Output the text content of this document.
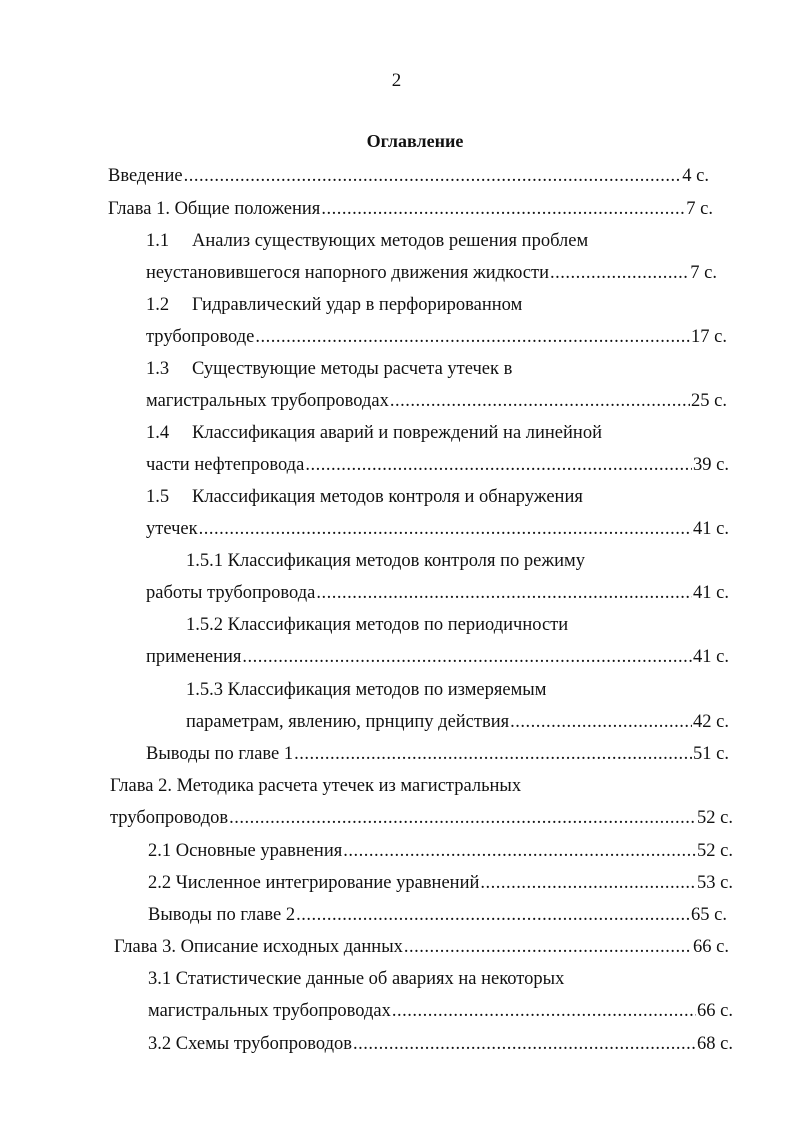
2
Оглавление
Введение .....	4 с.
Глава 1. Общие положения .....	7 с.
1.1 Анализ существующих методов решения проблем
неустановившегося напорного движения жидкости .....	7 с.
1.2 Гидравлический удар в перфорированном
трубопроводе .....	17 с.
1.3 Существующие методы расчета утечек в
магистральных трубопроводах .....	25 с.
1.4 Классификация аварий и повреждений на линейной
части нефтепровода .....	39 с.
1.5 Классификация методов контроля и обнаружения
утечек .....	41 с.
1.5.1 Классификация методов контроля по режиму
работы трубопровода .....	41 с.
1.5.2 Классификация методов по периодичности
применения .....	41 с.
1.5.3 Классификация методов по измеряемым
параметрам, явлению, прнципу действия .....	42 с.
Выводы по главе 1 .....	51 с.
Глава 2. Методика расчета утечек из магистральных
трубопроводов .....	52 с.
2.1 Основные уравнения .....	52 с.
2.2 Численное интегрирование уравнений .....	53 с.
Выводы по главе 2 .....	65 с.
Глава 3. Описание исходных данных .....	66 с.
3.1 Статистические данные об авариях на некоторых
магистральных трубопроводах .....	66 с.
3.2 Схемы трубопроводов .....	68 с.
